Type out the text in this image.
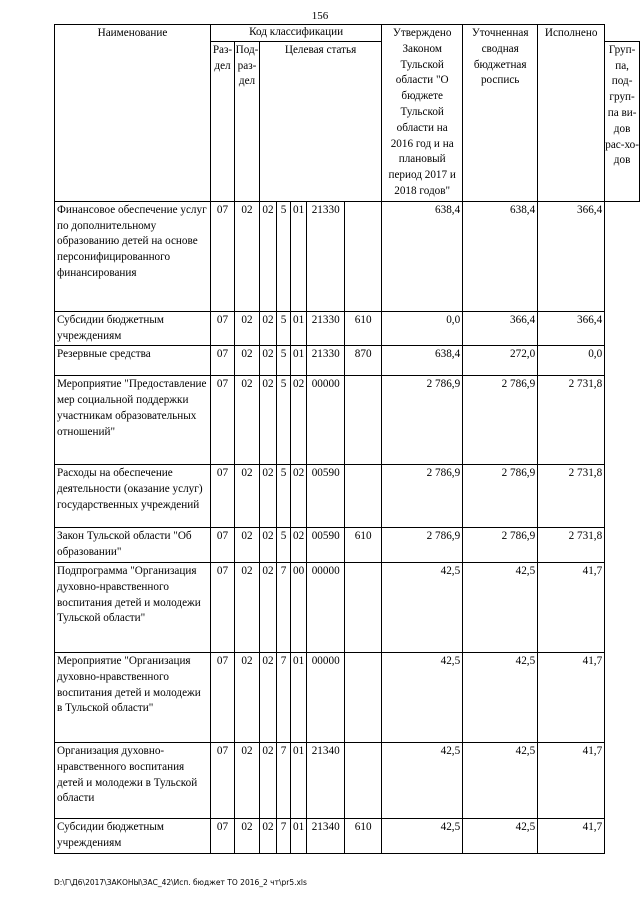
156
Наименование	Код классификации							Утверждено Законом Тульской области "О бюджете Тульской области на 2016 год и на плановый период 2017 и 2018 годов"	Уточненная сводная бюджетная роспись	Исполнено	
	Раз-дел	Под-раз-дел	Целевая статья								Груп-па, под-груп-па ви-дов рас-хо-дов
Финансовое обеспечение услуг по дополнительному образованию детей на основе персонифицированного финансирования	07	02	02	5	01	21330		638,4	638,4	366,4	
Субсидии бюджетным учреждениям	07	02	02	5	01	21330	610	0,0	366,4	366,4	
Резервные средства	07	02	02	5	01	21330	870	638,4	272,0	0,0	
Мероприятие "Предоставление мер социальной поддержки участникам образовательных отношений"	07	02	02	5	02	00000		2 786,9	2 786,9	2 731,8	
Расходы на обеспечение деятельности (оказание услуг) государственных учреждений	07	02	02	5	02	00590		2 786,9	2 786,9	2 731,8	
Закон Тульской области "Об образовании"	07	02	02	5	02	00590	610	2 786,9	2 786,9	2 731,8	
Подпрограмма "Организация духовно-нравственного воспитания детей и молодежи Тульской области"	07	02	02	7	00	00000		42,5	42,5	41,7	
Мероприятие "Организация духовно-нравственного воспитания детей и молодежи в Тульской области"	07	02	02	7	01	00000		42,5	42,5	41,7	
Организация духовно-нравственного воспитания детей и молодежи в Тульской области	07	02	02	7	01	21340		42,5	42,5	41,7	
Субсидии бюджетным учреждениям	07	02	02	7	01	21340	610	42,5	42,5	41,7	
D:\Г\Д6\2017\ЗАКОНЫ\ЗАС_42\Исп. бюджет ТО 2016_2 чт\pr5.xls
